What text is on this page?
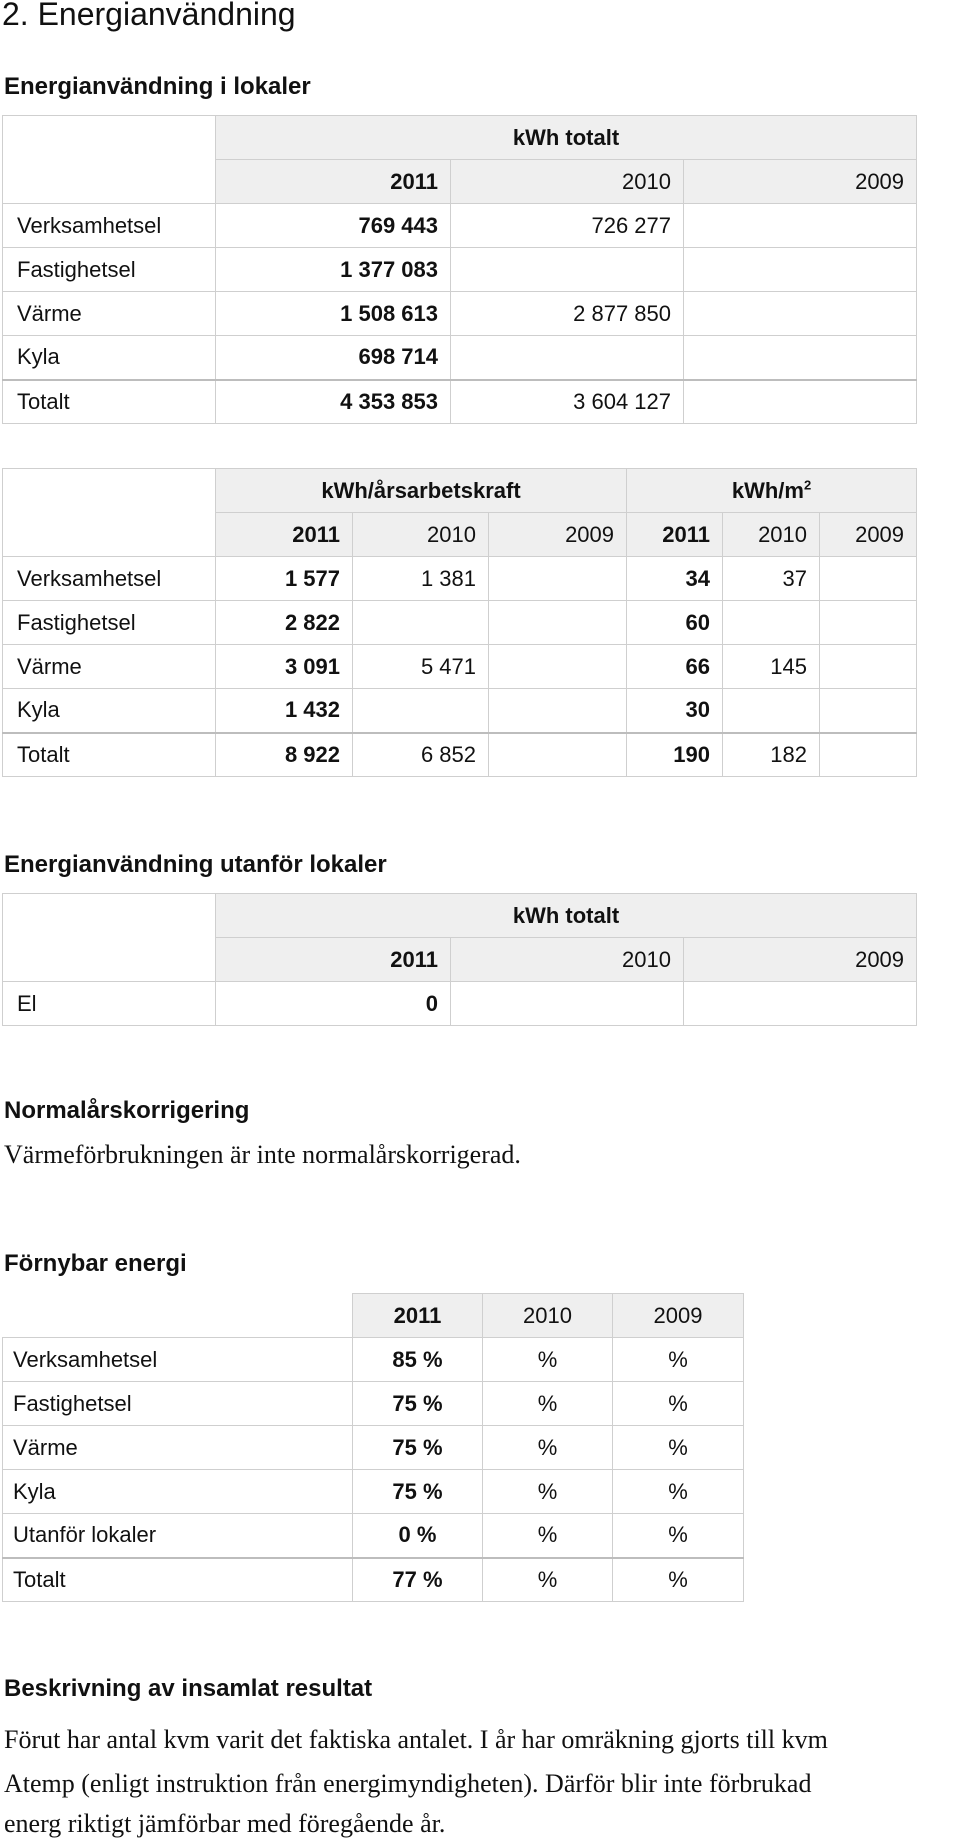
2. Energianvändning
Energianvändning i lokaler
	kWh totalt		
	2011	2010	2009
Verksamhetsel	769 443	726 277	
Fastighetsel	1 377 083		
Värme	1 508 613	2 877 850	
Kyla	698 714		
Totalt	4 353 853	3 604 127	
	kWh/årsarbetskraft			kWh/$m^2$
	2011	2010	2009	2011	2010	2009
Verksamhetsel	1 577	1 381		34	37	
Fastighetsel	2 822			60		
Värme	3 091	5 471		66	145	
Kyla	1 432			30		
Totalt	8 922	6 852		190	182	
Energianvändning utanför lokaler
	kWh totalt		
	2011	2010	2009
El	0		
Normalårskorrigering

Värmeförbrukningen är inte normalårskorrigerad.

Förnybar energi
	2011	2010	2009
Verksamhetsel	85 %	%	%
Fastighetsel	75 %	%	%
Värme	75 %	%	%
Kyla	75 %	%	%
Utanför lokaler	0 %	%	%
Totalt	77 %	%	%
Beskrivning av insamlat resultat

Förut har antal kvm varit det faktiska antalet. I år har omräkning gjorts till kvm

Atemp (enligt instruktion från energimyndigheten). Därför blir inte förbrukad

energ riktigt jämförbar med föregående år.
